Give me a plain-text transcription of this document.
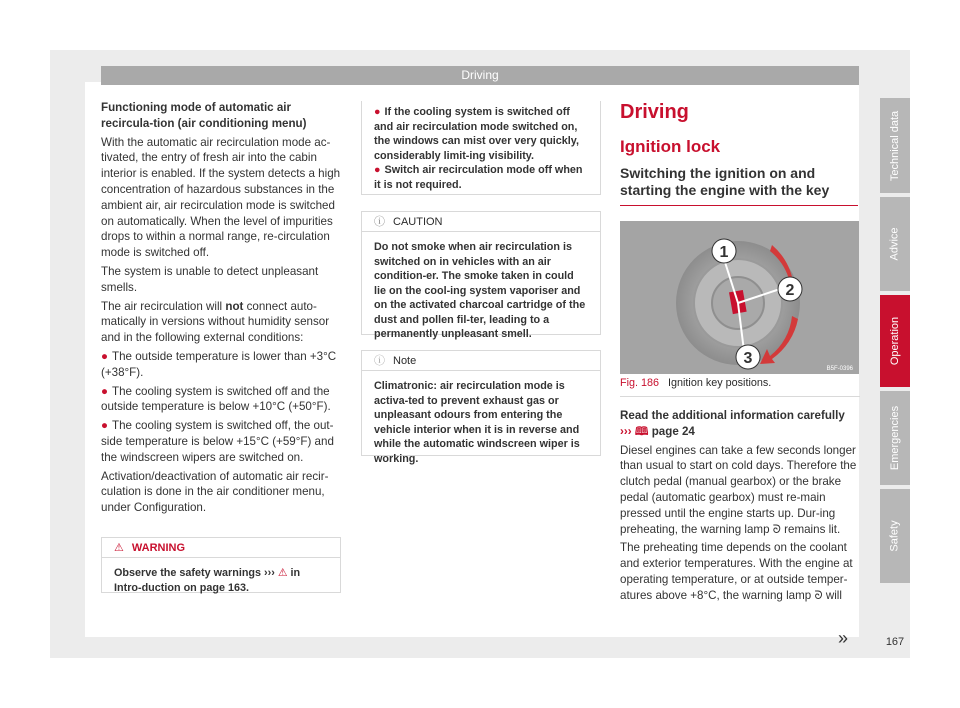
Driving

Functioning mode of automatic air recircula-tion (air conditioning menu)

With the automatic air recirculation mode ac-tivated, the entry of fresh air into the cabin interior is enabled. If the system detects a high concentration of hazardous substances in the ambient air, air recirculation mode is switched on automatically. When the level of impurities drops to within a normal range, re-circulation mode is switched off.

The system is unable to detect unpleasant smells.

The air recirculation will not connect auto-matically in versions without humidity sensor and in the following external conditions:

● The outside temperature is lower than +3°C (+38°F).

● The cooling system is switched off and the outside temperature is below +10°C (+50°F).

● The cooling system is switched off, the out-side temperature is below +15°C (+59°F) and the windscreen wipers are switched on.

Activation/deactivation of automatic air recir-culation is done in the air conditioner menu, under Configuration.

⚠ WARNING
Observe the safety warnings ››› ⚠ in Intro-duction on page 163.

● If the cooling system is switched off and air recirculation mode switched on, the windows can mist over very quickly, considerably limit-ing visibility.

● Switch air recirculation mode off when it is not required.

ⓘ CAUTION
Do not smoke when air recirculation is switched on in vehicles with an air condition-er. The smoke taken in could lie on the cool-ing system vaporiser and on the activated charcoal cartridge of the dust and pollen fil-ter, leading to a permanently unpleasant smell.
ⓘ Note
Climatronic: air recirculation mode is activa-ted to prevent exhaust gas or unpleasant odours from entering the vehicle interior when it is in reverse and while the automatic windscreen wiper is working.
Driving
Ignition lock
Switching the ignition on and starting the engine with the key
1
2
3
B5F-0396
Fig. 186 Ignition key positions.

Read the additional information carefully

››› 🕮 page 24

Diesel engines can take a few seconds longer than usual to start on cold days. Therefore the clutch pedal (manual gearbox) or the brake pedal (automatic gearbox) must re-main pressed until the engine starts up. Dur-ing preheating, the warning lamp ᘐ remains lit.

The preheating time depends on the coolant and exterior temperatures. With the engine at operating temperature, or at outside temper-atures above +8°C, the warning lamp ᘐ will

»
Technical data
Advice
Operation
Emergencies
Safety
167
